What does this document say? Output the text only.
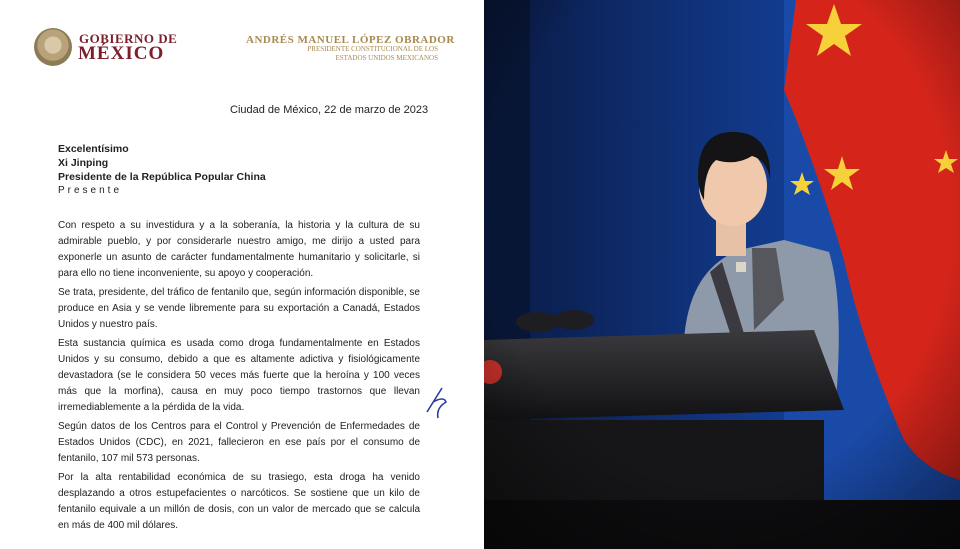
GOBIERNO DE
MÉXICO
ANDRÉS MANUEL LÓPEZ OBRADOR
PRESIDENTE CONSTITUCIONAL DE LOS
ESTADOS UNIDOS MEXICANOS
Ciudad de México, 22 de marzo de 2023
Excelentísimo
Xi Jinping
Presidente de la República Popular China
Presente

Con respeto a su investidura y a la soberanía, la historia y la cultura de su admirable pueblo, y por considerarle nuestro amigo, me dirijo a usted para exponerle un asunto de carácter fundamentalmente humanitario y solicitarle, si para ello no tiene inconveniente, su apoyo y cooperación.

Se trata, presidente, del tráfico de fentanilo que, según información disponible, se produce en Asia y se vende libremente para su exportación a Canadá, Estados Unidos y nuestro país.

Esta sustancia química es usada como droga fundamentalmente en Estados Unidos y su consumo, debido a que es altamente adictiva y fisiológicamente devastadora (se le considera 50 veces más fuerte que la heroína y 100 veces más que la morfina), causa en muy poco tiempo trastornos que llevan irremediablemente a la pérdida de la vida.

Según datos de los Centros para el Control y Prevención de Enfermedades de Estados Unidos (CDC), en 2021, fallecieron en ese país por el consumo de fentanilo, 107 mil 573 personas.

Por la alta rentabilidad económica de su trasiego, esta droga ha venido desplazando a otros estupefacientes o narcóticos. Se sostiene que un kilo de fentanilo equivale a un millón de dosis, con un valor de mercado que se calcula en más de 400 mil dólares.
